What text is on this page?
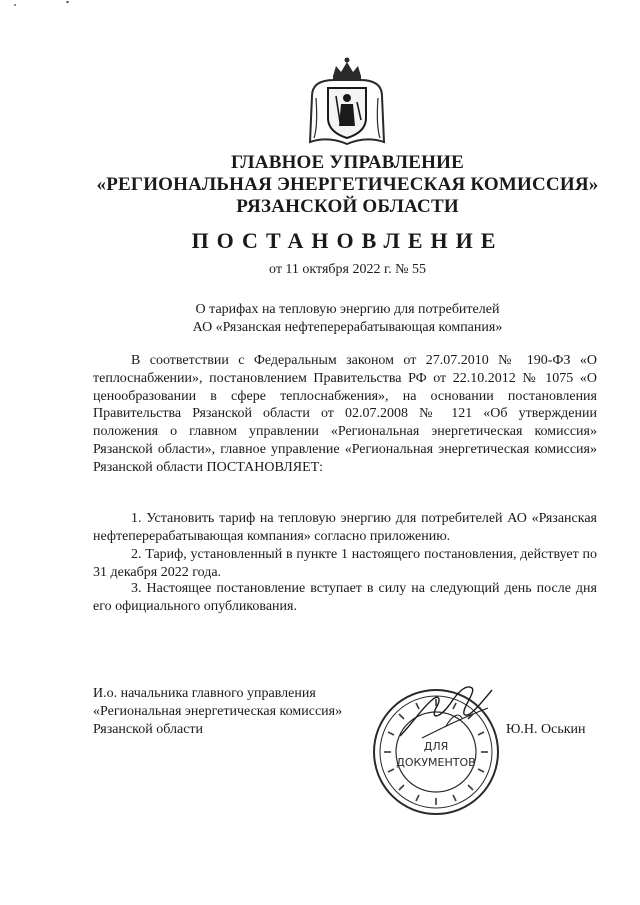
ГЛАВНОЕ УПРАВЛЕНИЕ
«РЕГИОНАЛЬНАЯ ЭНЕРГЕТИЧЕСКАЯ КОМИССИЯ»
РЯЗАНСКОЙ ОБЛАСТИ
ПОСТАНОВЛЕНИЕ
от 11 октября 2022 г. № 55
О тарифах на тепловую энергию для потребителей
АО «Рязанская нефтеперерабатывающая компания»

В соответствии с Федеральным законом от 27.07.2010 № 190-ФЗ «О теплоснабжении», постановлением Правительства РФ от 22.10.2012 № 1075 «О ценообразовании в сфере теплоснабжения», на основании постановления Правительства Рязанской области от 02.07.2008 № 121 «Об утверждении положения о главном управлении «Региональная энергетическая комиссия» Рязанской области», главное управление «Региональная энергетическая комиссия» Рязанской области ПОСТАНОВЛЯЕТ:

1. Установить тариф на тепловую энергию для потребителей АО «Рязанская нефтеперерабатывающая компания» согласно приложению.

2. Тариф, установленный в пункте 1 настоящего постановления, действует по 31 декабря 2022 года.

3. Настоящее постановление вступает в силу на следующий день после дня его официального опубликования.

И.о. начальника главного управления
«Региональная энергетическая комиссия»
Рязанской области
ДЛЯ
ДОКУМЕНТОВ
Ю.Н. Оськин
